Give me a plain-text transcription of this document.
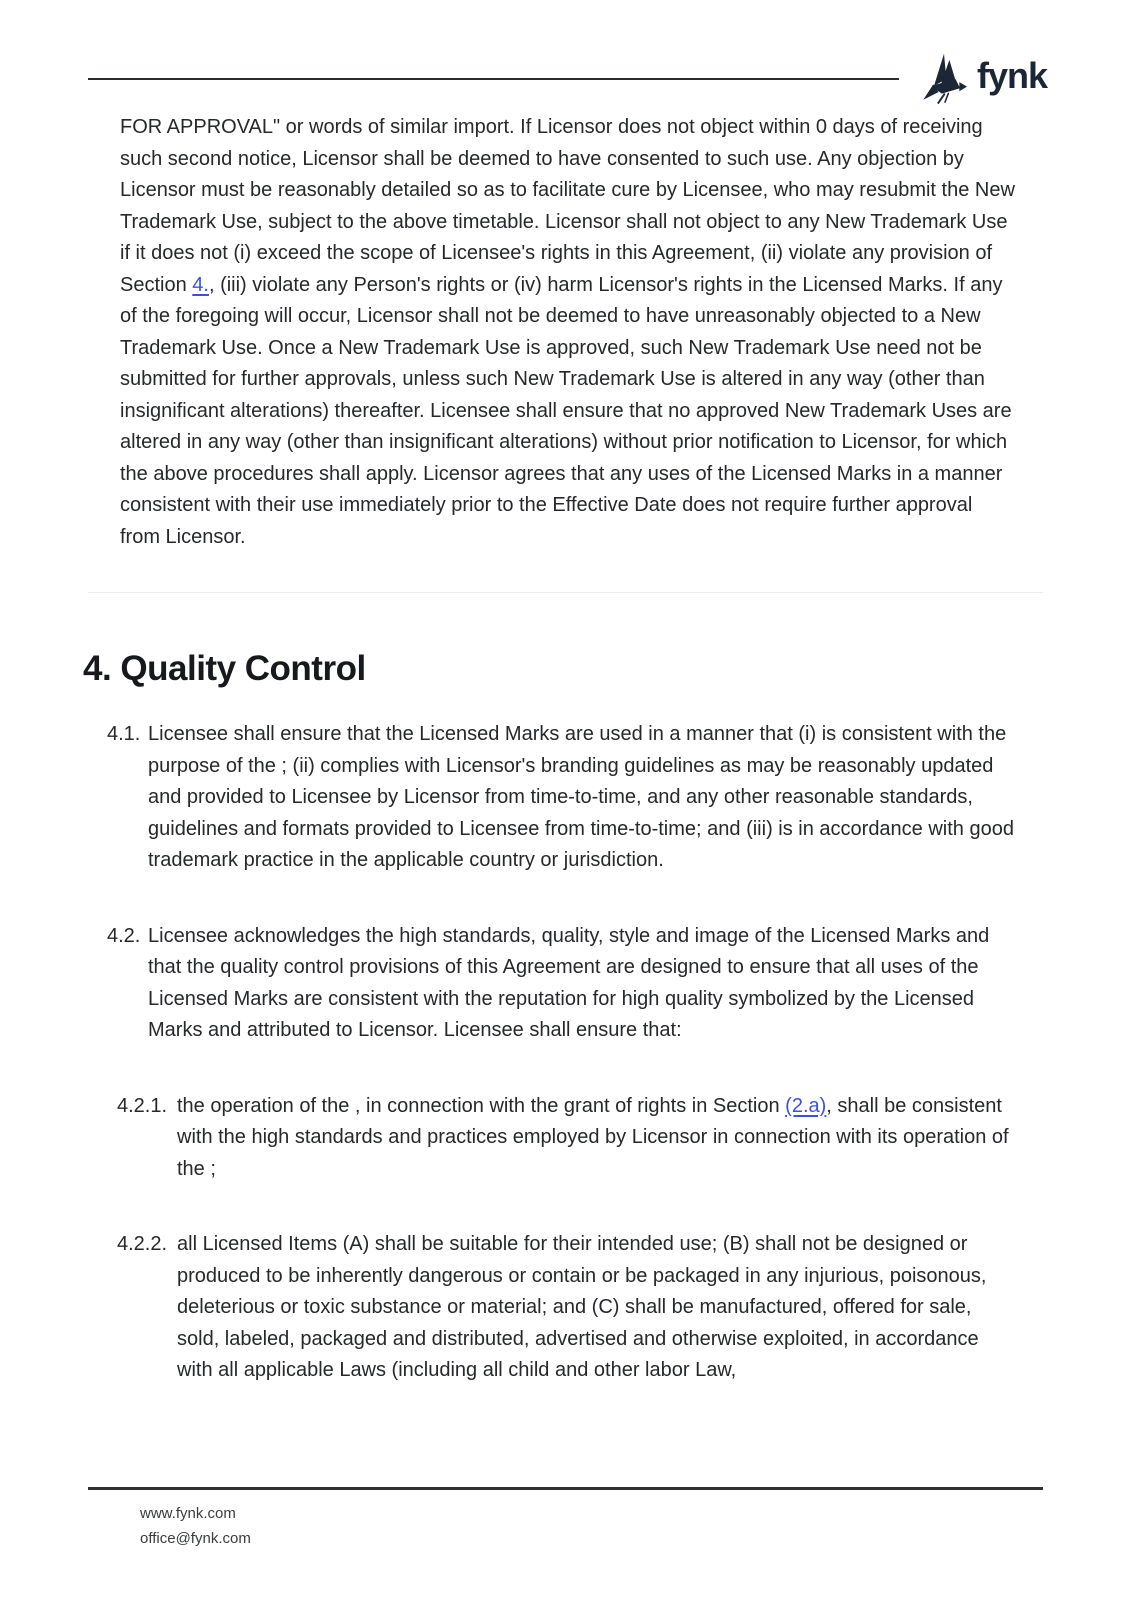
fynk

FOR APPROVAL" or words of similar import. If Licensor does not object within 0 days of receiving such second notice, Licensor shall be deemed to have consented to such use. Any objection by Licensor must be reasonably detailed so as to facilitate cure by Licensee, who may resubmit the New Trademark Use, subject to the above timetable. Licensor shall not object to any New Trademark Use if it does not (i) exceed the scope of Licensee's rights in this Agreement, (ii) violate any provision of Section 4., (iii) violate any Person's rights or (iv) harm Licensor's rights in the Licensed Marks. If any of the foregoing will occur, Licensor shall not be deemed to have unreasonably objected to a New Trademark Use. Once a New Trademark Use is approved, such New Trademark Use need not be submitted for further approvals, unless such New Trademark Use is altered in any way (other than insignificant alterations) thereafter. Licensee shall ensure that no approved New Trademark Uses are altered in any way (other than insignificant alterations) without prior notification to Licensor, for which the above procedures shall apply. Licensor agrees that any uses of the Licensed Marks in a manner consistent with their use immediately prior to the Effective Date does not require further approval from Licensor.

4. Quality Control
4.1. Licensee shall ensure that the Licensed Marks are used in a manner that (i) is consistent with the purpose of the ; (ii) complies with Licensor's branding guidelines as may be reasonably updated and provided to Licensee by Licensor from time-to-time, and any other reasonable standards, guidelines and formats provided to Licensee from time-to-time; and (iii) is in accordance with good trademark practice in the applicable country or jurisdiction.
4.2. Licensee acknowledges the high standards, quality, style and image of the Licensed Marks and that the quality control provisions of this Agreement are designed to ensure that all uses of the Licensed Marks are consistent with the reputation for high quality symbolized by the Licensed Marks and attributed to Licensor. Licensee shall ensure that:
4.2.1. the operation of the , in connection with the grant of rights in Section (2.a), shall be consistent with the high standards and practices employed by Licensor in connection with its operation of the ;
4.2.2. all Licensed Items (A) shall be suitable for their intended use; (B) shall not be designed or produced to be inherently dangerous or contain or be packaged in any injurious, poisonous, deleterious or toxic substance or material; and (C) shall be manufactured, offered for sale, sold, labeled, packaged and distributed, advertised and otherwise exploited, in accordance with all applicable Laws (including all child and other labor Law,
www.fynk.com
office@fynk.com
